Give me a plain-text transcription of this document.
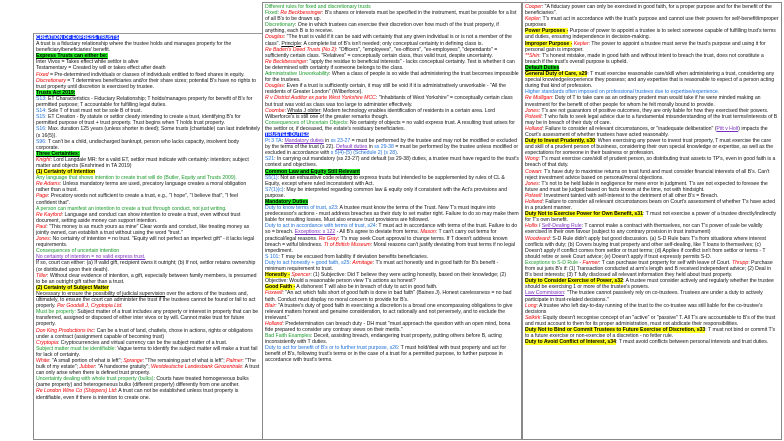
CREATION OF EXPRESS TRUSTS
A trust is a fiduciary relationship where the trustee holds and manages property for the beneficiary/beneficiaries' benefit.
Express Trusts can either be:
Inter Vivos = Takes effect while settlor is alive
Testamentary = Created by will or takes effect after death
Fixed = Pre-determined individuals or classes of individuals entitled to fixed shares in equity.
Discretionary = T determines beneficiaries and/or their share sizes; potential B's have no rights to trust property until discretion is exercised by trustee.
Trusts Act 2019:
S13: ET Characteristics - Fiduciary Relationship; T holds/manages property for benefit of B's for permitted purpose; T accountable for fulfilling legal duties.
S14: Sole T of trust must not be sole B of trust.
S15: ET Creation - By statute or settlor clearly intending to create a trust, identifying B's for permitted purpose of trust + trust property. Trust begins when T holds trust property.
S16: Max. duration 125 years (unless shorter in deed); Some trusts (charitable) can last indefinitely (s 16(5)).
S96: T can't be a child, undischarged bankrupt, person who lacks capacity, insolvent body corporate.
Three Certainties:
Knight: Lord Langdale MR: for a valid ET, settlor must indicate with certainty: intention; subject matter and objects (Enshrined in TA 2019)
(1) Certainty of Intention
Any language that shows intention to create trust will do (Butler, Equity and Trusts 2009).
Re Adams: Unless mandatory terms are used, precatory language creates a moral obligation rather than a trust.
Page: Precatory words not sufficient to create a trust, e.g., "I hope", "I believe that", "I feel confident that".
A person can manifest an intention to create a trust through conduct, not just writing.
Re Kayford: Language and conduct can show intention to create a trust, even without trust document, setting aside money can support intention.
Paul: "This money is as much yours as mine" Clear words and conduct, like treating money as jointly owned, can establish a trust without using the word "trust."
Jones: No certainty of intention = no trust. "Equity will not perfect an imperfect gift" - it lacks legal requirements.
Consequences of uncertain intention
No certainty of intention = no valid express trust.
If so, court can either: (a) If valid gift, recipient owns it outright; (b) If not, settlor retains ownership (or distributed upon their death).
Tiller: Without clear evidence of intention, a gift, especially between family members, is presumed to be an outright gift rather than a trust.
(2) Certainty of Subject Matter
Necessary to ensure the possibility of judicial supervision over the actions of the trustees and, ultimately, to ensure the court can administer the trust if the trustees cannot be found or fail to act properly. Per Goodall J, Cryptopia Ltd.
Must be property: Subject matter of a trust includes any property or interest in property that can be transferred, assigned or disposed of either inter vivos or by will. Cannot make trust for future property.
Don King Productions Inc: Can be a trust of land, chattels, chose in actions, rights or obligations under a contract (assignment capable of becoming trust)
Cryptopia: Cryptocurrencies and virtual currency can be the subject matter of a trust.
Subject matter must be identifiable: Vague terms to identify the subject matter will make a trust fail for lack of certainty.
White: "A small portion of what is left"; Sprange: "The remaining part of what is left"; Palmer: "The bulk of my estate"; Jubber: "A handsome gratuity"; Westdeutsche Landesbank Girozentrale: A trust can only arise when there is defined trust property.
Uncertainty dealing with whole trust property (bulks): Courts have treated homogeneous bulks (same property) and heterogeneous bulks (different property) differently from one another.
Re London Wine Co (Shippers) Ltd: A trust can not be established unless trust property is identifiable, even if there is intention to create one.
Different rules for fixed and discretionary trusts
Fixed: Re Beckbessinger: B's shares or interests must be specified in the instrument, must be possible for a list of all B's to be drawn up.
Discretionary: One in which trustees can exercise their discretion over how much of the trust property, if anything, each B is to receive.
Douglas: "The trust is valid if it can be said with certainty that any given individual is or is not a member of the class". Principle: A complete list of B's isn't needed; only conceptual certainty in defining class is.
Re Baden's Deed Trusts (No 2): "Officers", "employees", "ex-officers", "ex-employees", "dependants" = sufficiently certain class. "Relatives" = conceptually certain class, thus valid trust, despite uncertainty.
Re Beckbessinger: "apply the residue to beneficial interests" - lacks conceptual certainty. Test is whether it can be determined with certainty if someone belongs to the class.
Administrative Unworkability: When a class of people is so wide that administering the trust becomes impossible for the trustees.
Douglas: Even if a trust is sufficiently certain, it may still be void if it is administratively unworkable - "All the residents of Greater London" (Wilberforce).
R v District Auditor ex parte West Yorkshire MCC: "Inhabitants of West Yorkshire" = conceptually certain class but trust was void as class was too large to administer effectively.
Coombe: Whata J obiter: Modern technology enables identification of residents in a certain area. Lord Wilberforce's is still one of the greater remarks though.
Consequences of Uncertain Objects: No certainty of objects = no valid express trust. A resulting trust arises for the settlor or, if deceased, the estate's residuary beneficiaries.
TRUSTEE DUTIES
Pt 3 TA: Mandatory duties in ss 23-27 = must be performed by the trustee and may not be modified or excluded by the terms of the trust (s 22). Default duties in ss 29-38 = must be performed by the trustee unless modified or excluded in accordance with s 5(4)-(5) (Schedule 2) (s 28).
S21: In carrying out mandatory (ss 23-27) and default (ss 29-38) duties, a trustee must have regard to the trust's context and objectives.
Common Law and Equity Still Relevant
S5(1): Not an exhaustive code relating to express trusts but intended to be supplemented by rules of CL & Equity, except where ruled inconsistent with Act.
S7(1)(c): May be interpreted regarding common law & equity only if consistent with the Act's provisions and purpose.
Mandatory Duties
Duty to know terms of trust, s23: A trustee must know the terms of the Trust. New T's must inquire into predecessor's actions - must address breaches as their duty to set matter right. Failure to do so may make them liable for resulting losses. Must also ensure trust provisions are followed.
Duty to act in accordance with terms of trust, s24: T must act in accordance with terms of the trust. Failure to do so = breach. Exceptions: s 122 - All B's agree to deviate from terms. Mason: T can't carry out terms for practical/legal reasons. Re Gray: T's may seek Court approval to change terms. If T doesn't address known breach = wilful blindness. Tt of British Museum: Moral reasons can't justify deviating from trust terms if no legal impediment.
S 101: T may be excused from liability if deviation benefits beneficiaries.
Duty to act honestly + good faith, s25: Armitage: T's must act honestly and in good faith for B's benefit - minimum requirement to trust.
Honestly - Spencer: (1) Subjective: Did T believe they were acting honestly, based on their knowledge; (2) Objective: Would a reasonable person view T's actions as honest?
Good Faith - A dishonest T will also be in breach of duty to act in good faith.
Foxwell: "An act which falls short of good faith is done in bad faith" (Baines J). Honest carelessness = no bad faith. Conduct must display no moral concern to provide for B's.
Blair: "A trustee's duty of good faith in exercising a discretion is a broad one encompassing obligations to give relevant matters honest and genuine consideration, to act rationally and not perversely, and to exclude the irrelevant."
Holland: Predetermination can breach duty - DH must "must approach the question with an open mind, bona fide prepared to consider any contrary views on their merits."
Bad Faith Examples: Deceit, assisting breach, endangering trust property, putting others before B, acting inconsistently with T duties.
Duty to act for benefit of B's or to further trust purpose, s26: T must hold/deal with trust property and act for benefit of B's, following trust's terms or in the case of a trust for a permitted purpose, to further purpose in accordance with trust's terms.
Cooper: "A fiduciary power can only be exercised in good faith, for a proper purpose and for the benefit of the beneficiaries".
Kepler: T's must act in accordance with the trust's purpose and cannot use their powers for self-benefit/improper purposes
Power Purposes - Purpose of power to appoint a trustee is to select someone capable of fulfilling trust's terms and duties, ensuring independence in decision-making.
Improper Purpose - Kepler: The power to appoint a trustee must serve the trust's purpose and using it for personal gain is improper.
**Shin: T's honest mistake, made in good faith and without intent to breach the trust, does not constitute a breach if the trust's overall purpose is upheld.
Default Duties
General Duty of Care, s29: T must exercise reasonable care/skill when administering a trust, considering any special knowledge/experience they possess; and any expertise that is reasonable to expect of a person acting during that kind of profession.
Higher standards often imposed on professional trustees due to expertise/experience.
Re Mulligan: Duty of T to take care as an ordinary prudent man would take if he were minded making an investment for the benefit of other people for whom he felt morally bound to provide.
Jones: T's are not guarantors of positive outcomes, they are only liable for how they exercised their powers.
Polwell: T who fails to seek legal advice due to a fundamental misunderstanding of the trust terms/interests of B may be in breach of their duty of care.
Holland: Failure to consider all relevant circumstances, or "inadequate deliberation" (Pitt v Holt) impacts the Court's assessment of whether trustees have acted reasonably.
Duty to Invest Prudently, s30: When exercising any power to invest trust property, T must exercise the care and skill of a prudent person of business, considering their own special knowledge or expertise, as well as the expectations for someone in their business or profession.
Wong: T's must exercise care/skill of prudent person, so distributing trust assets to TP's, even in good faith is a breach of that duty.
Cowan: T's have duty to maximise returns on trust fund and must consider financial interests of all B's. Can't reject investment advice based on personal/moral objections.
Jones: T's not to be held liable in negligence for mere error in judgment. T's are not expected to foresee the future and must be judged based on facts known at the time, not with hindsight.
Polwell: Investment tainted with self-interest to the detriment of all other B's = Breach.
Holland: Failure to consider all relevant circumstances bears on Court's assessment of whether T's have acted in a prudent manner.
Duty Not to Exercise Power for Own Benefit, s31: T must not exercise a power of a trustee directly/indirectly for T's own benefit.
Hollis / Self-Dealing Rule: T cannot make a contract with themselves, nor can T's power of sale be validly exercised in their own favour (subject to any contrary provision in trust instrument)
Woodward: S-D Rule didn't apply but good discussion. (a) S-D Rule bars T's from situations where interest conflicts with duty; (b) Covers buying trust property and other self-dealing, like T loans to themselves; (c) Doesn't apply if conflict comes from settlor or trust terms; (d) Applies if conflict isn't from settlor or terms - T should retire or seek Court advice; (e) Doesn't apply if trust expressly permits S-D.
Exceptions to S-D Rule - Farmer: T can purchase trust property for self with leave of Court. Thrupp: Purchase from sui juris B's if: (1) Transaction conducted at arm's length and B received independent advice; (2) Deal in B's best interests; (3) T fully disclosed all relevant information they held about trust property.
Duty to Consider Exercise of Power, s32: A trustee must consider actively and regularly whether the trustee should be exercising 1 or more of the trustee's powers.
Law Commission: "The trustee cannot passively rely on co-trustees. Trustees are under a duty to actively participate in trust-related decisions."
Long: A trustee who left day-to-day running of the trust to the co-trustee was still liable for the co-trustee's decisions
Selkirk: Equity doesn't recognise concept of an "active" or "passive" T. All T's are accountable to B's of the trust and must account to them for its proper administration, must not abdicate their responsibilities.
Duty Not to Bind or Commit Trustees to Future Exercise of Discretion, s33: T must not bind or commit T's to a future exercise or non-exercise of a discretion - no fetter rule.
Duty to Avoid Conflict of Interest, s34: T must avoid conflicts between personal interests and trust duties.
